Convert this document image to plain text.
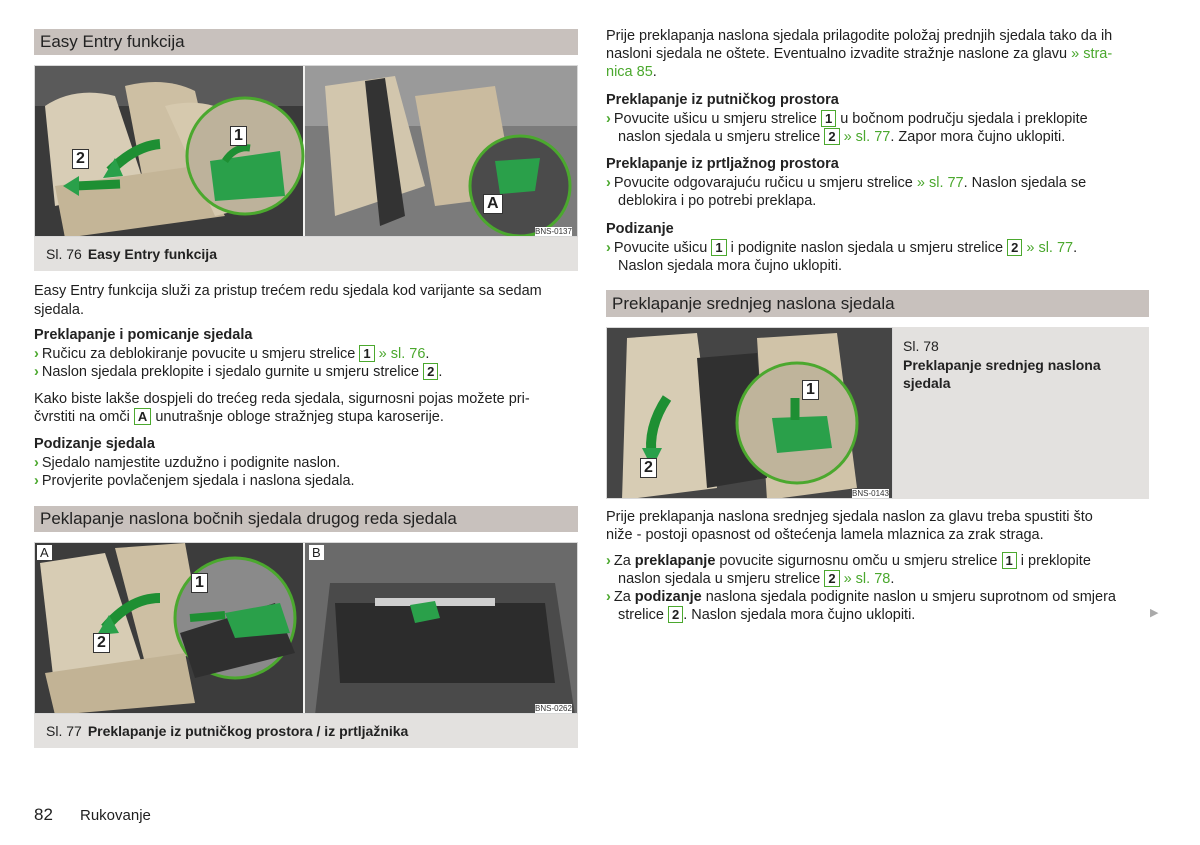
Easy Entry funkcija
1
2
A
BNS-0137
Sl. 76 Easy Entry funkcija
Easy Entry funkcija služi za pristup trećem redu sjedala kod varijante sa sedam sjedala.
Preklapanje i pomicanje sjedala
› Ručicu za deblokiranje povucite u smjeru strelice 1 » sl. 76.
› Naslon sjedala preklopite i sjedalo gurnite u smjeru strelice 2 .
Kako biste lakše dospjeli do trećeg reda sjedala, sigurnosni pojas možete pri-
čvrstiti na omči A unutrašnje obloge stražnjeg stupa karoserije.
Podizanje sjedala
› Sjedalo namjestite uzdužno i podignite naslon.
› Provjerite povlačenjem sjedala i naslona sjedala.
Peklapanje naslona bočnih sjedala drugog reda sjedala
A	B
1
2
BNS-0262
Sl. 77 Preklapanje iz putničkog prostora / iz prtljažnika
Prije preklapanja naslona sjedala prilagodite položaj prednjih sjedala tako da ih
nasloni sjedala ne oštete. Eventualno izvadite stražnje naslone za glavu » stra-
nica 85.
Preklapanje iz putničkog prostora
› Povucite ušicu u smjeru strelice 1 u bočnom području sjedala i preklopite
naslon sjedala u smjeru strelice 2 » sl. 77. Zapor mora čujno uklopiti.
Preklapanje iz prtljažnog prostora
› Povucite odgovarajuću ručicu u smjeru strelice » sl. 77. Naslon sjedala se
deblokira i po potrebi preklapa.
Podizanje
› Povucite ušicu 1 i podignite naslon sjedala u smjeru strelice 2 » sl. 77.
Naslon sjedala mora čujno uklopiti.
Preklapanje srednjeg naslona sjedala
1
2
BNS-0143
Sl. 78
Preklapanje srednjeg naslona
sjedala
Prije preklapanja naslona srednjeg sjedala naslon za glavu treba spustiti što
niže - postoji opasnost od oštećenja lamela mlaznica za zrak straga.
› Za preklapanje povucite sigurnosnu omču u smjeru strelice 1 i preklopite
naslon sjedala u smjeru strelice 2 » sl. 78.
› Za podizanje naslona sjedala podignite naslon u smjeru suprotnom od smjera
strelice 2 . Naslon sjedala mora čujno uklopiti.	▶
82 Rukovanje
